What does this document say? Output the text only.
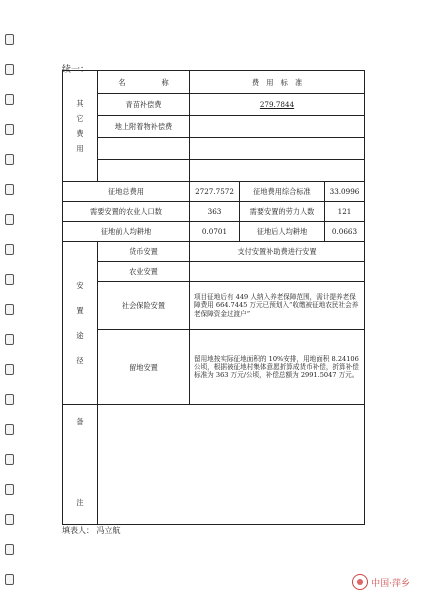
续一：
其
它
费
用	名　　　　　称	费　用　标　准		
	青苗补偿费	279.7844		
	地上附着物补偿费			

征地总费用		2727.7572	征地费用综合标准	33.0996
需要安置的农业人口数		363	需要安置的劳力人数	121
征地前人均耕地		0.0701	征地后人均耕地	0.0663

安
置
途
径	货币安置	支付安置补助费进行安置		
	农业安置			
	社会保险安置	项目征地后有 449 人纳入养老保障范围，需计提养老保障费用 664.7445 万元已预划入“收缴被征地农民社会养老保障资金过渡户”		
	留地安置	留用地按实际征地面积的 10%安排，用地面积 8.24106 公顷，根据被征地村集体意愿折算成货币补偿，折算补偿标准为 363 万元/公顷，补偿总额为 2991.5047 万元。		

备
注				

填表人： 冯立航
中国·萍乡
